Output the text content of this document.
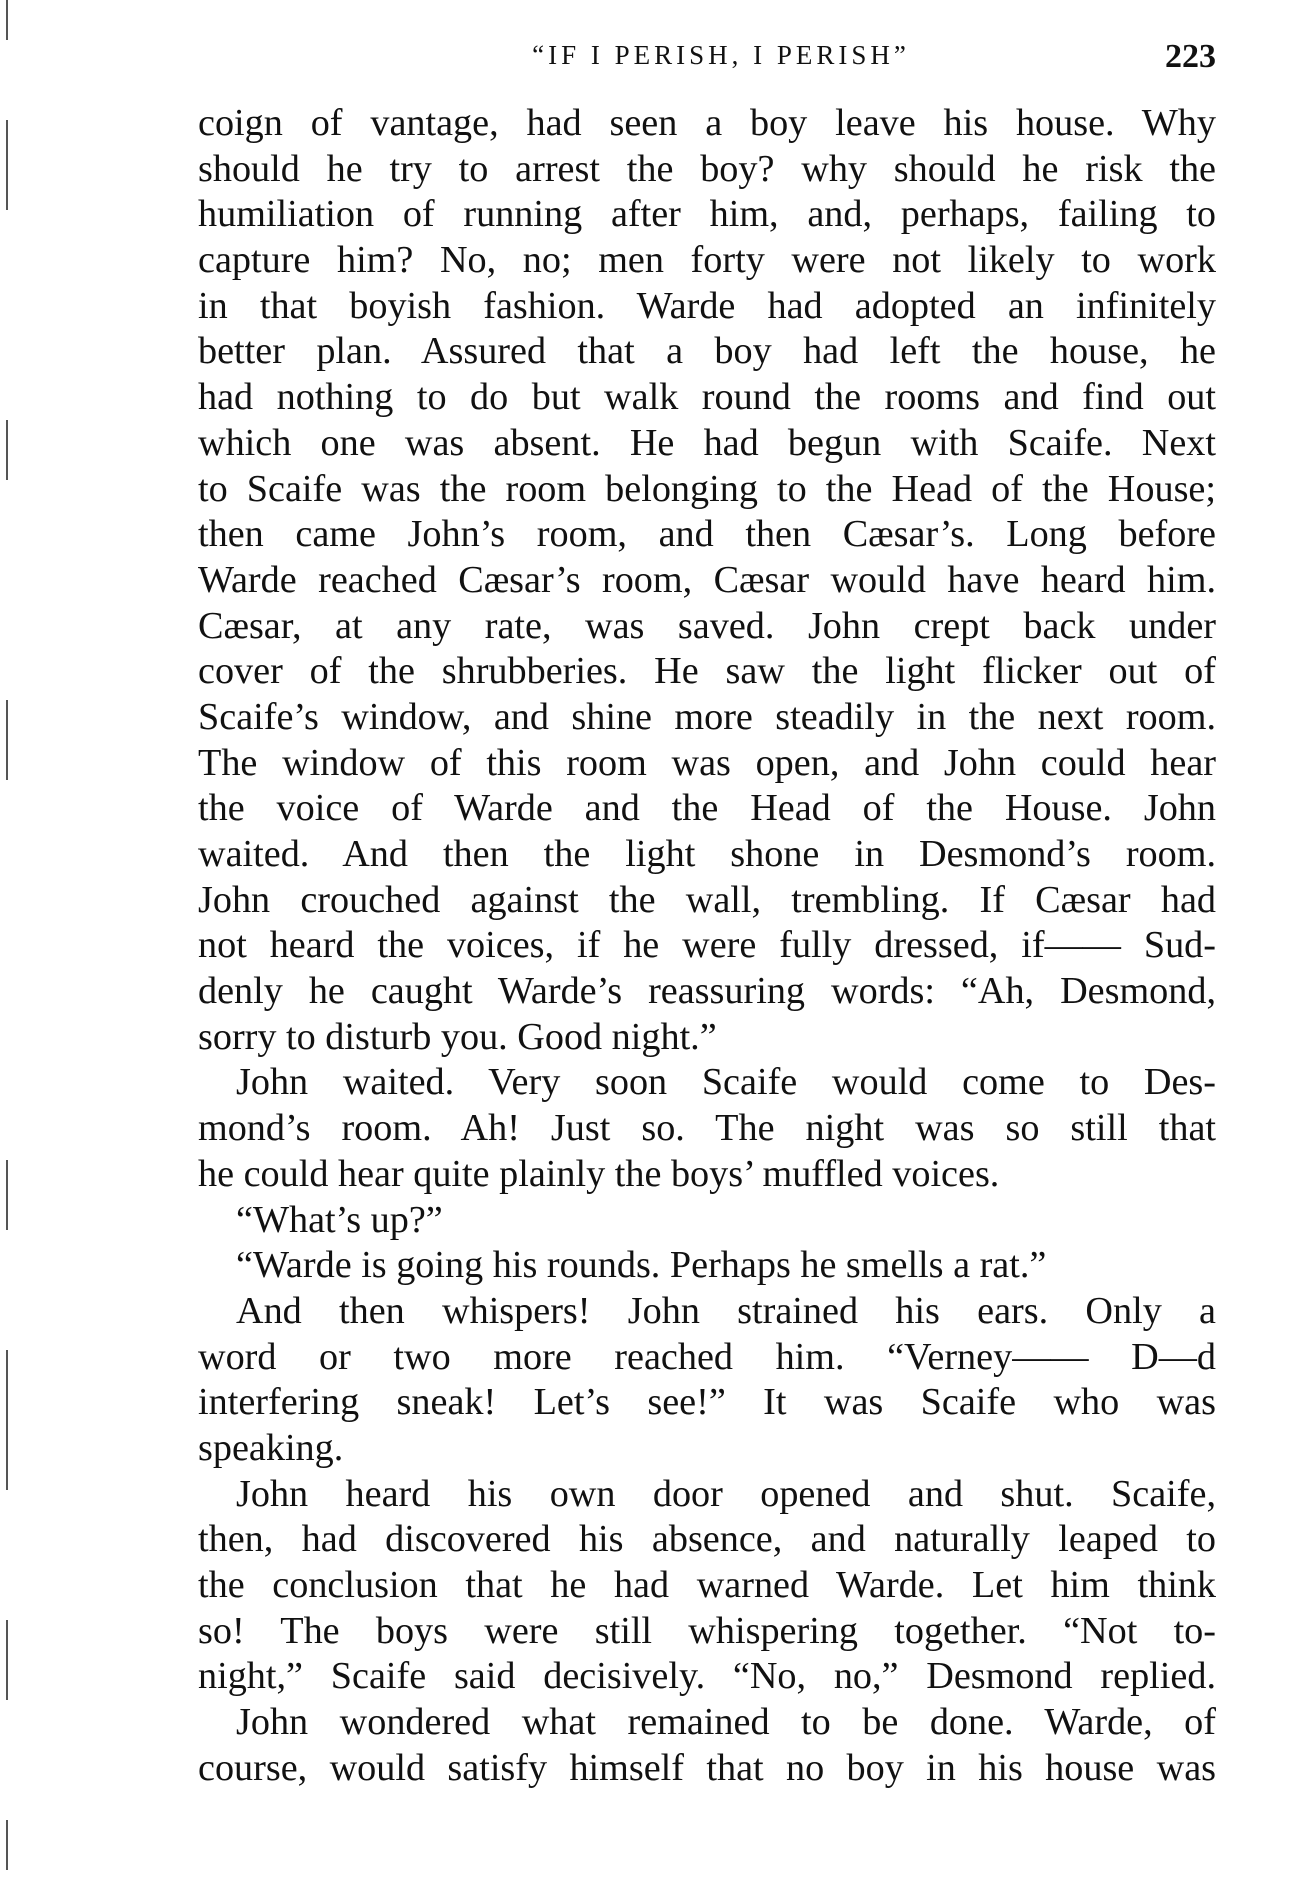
“IF I PERISH, I PERISH”	223
coign of vantage, had seen a boy leave his house. Why
should he try to arrest the boy? why should he risk the
humiliation of running after him, and, perhaps, failing to
capture him? No, no; men forty were not likely to work
in that boyish fashion. Warde had adopted an infinitely
better plan. Assured that a boy had left the house, he
had nothing to do but walk round the rooms and find out
which one was absent. He had begun with Scaife. Next
to Scaife was the room belonging to the Head of the House;
then came John’s room, and then Cæsar’s. Long before
Warde reached Cæsar’s room, Cæsar would have heard him.
Cæsar, at any rate, was saved. John crept back under
cover of the shrubberies. He saw the light flicker out of
Scaife’s window, and shine more steadily in the next room.
The window of this room was open, and John could hear
the voice of Warde and the Head of the House. John
waited. And then the light shone in Desmond’s room.
John crouched against the wall, trembling. If Cæsar had
not heard the voices, if he were fully dressed, if—— Sud-
denly he caught Warde’s reassuring words: “Ah, Desmond,
sorry to disturb you. Good night.”
John waited. Very soon Scaife would come to Des-
mond’s room. Ah! Just so. The night was so still that
he could hear quite plainly the boys’ muffled voices.
“What’s up?”
“Warde is going his rounds. Perhaps he smells a rat.”
And then whispers! John strained his ears. Only a
word or two more reached him. “Verney—— D—d
interfering sneak! Let’s see!” It was Scaife who was
speaking.
John heard his own door opened and shut. Scaife,
then, had discovered his absence, and naturally leaped to
the conclusion that he had warned Warde. Let him think
so! The boys were still whispering together. “Not to-
night,” Scaife said decisively. “No, no,” Desmond replied.
John wondered what remained to be done. Warde, of
course, would satisfy himself that no boy in his house was
